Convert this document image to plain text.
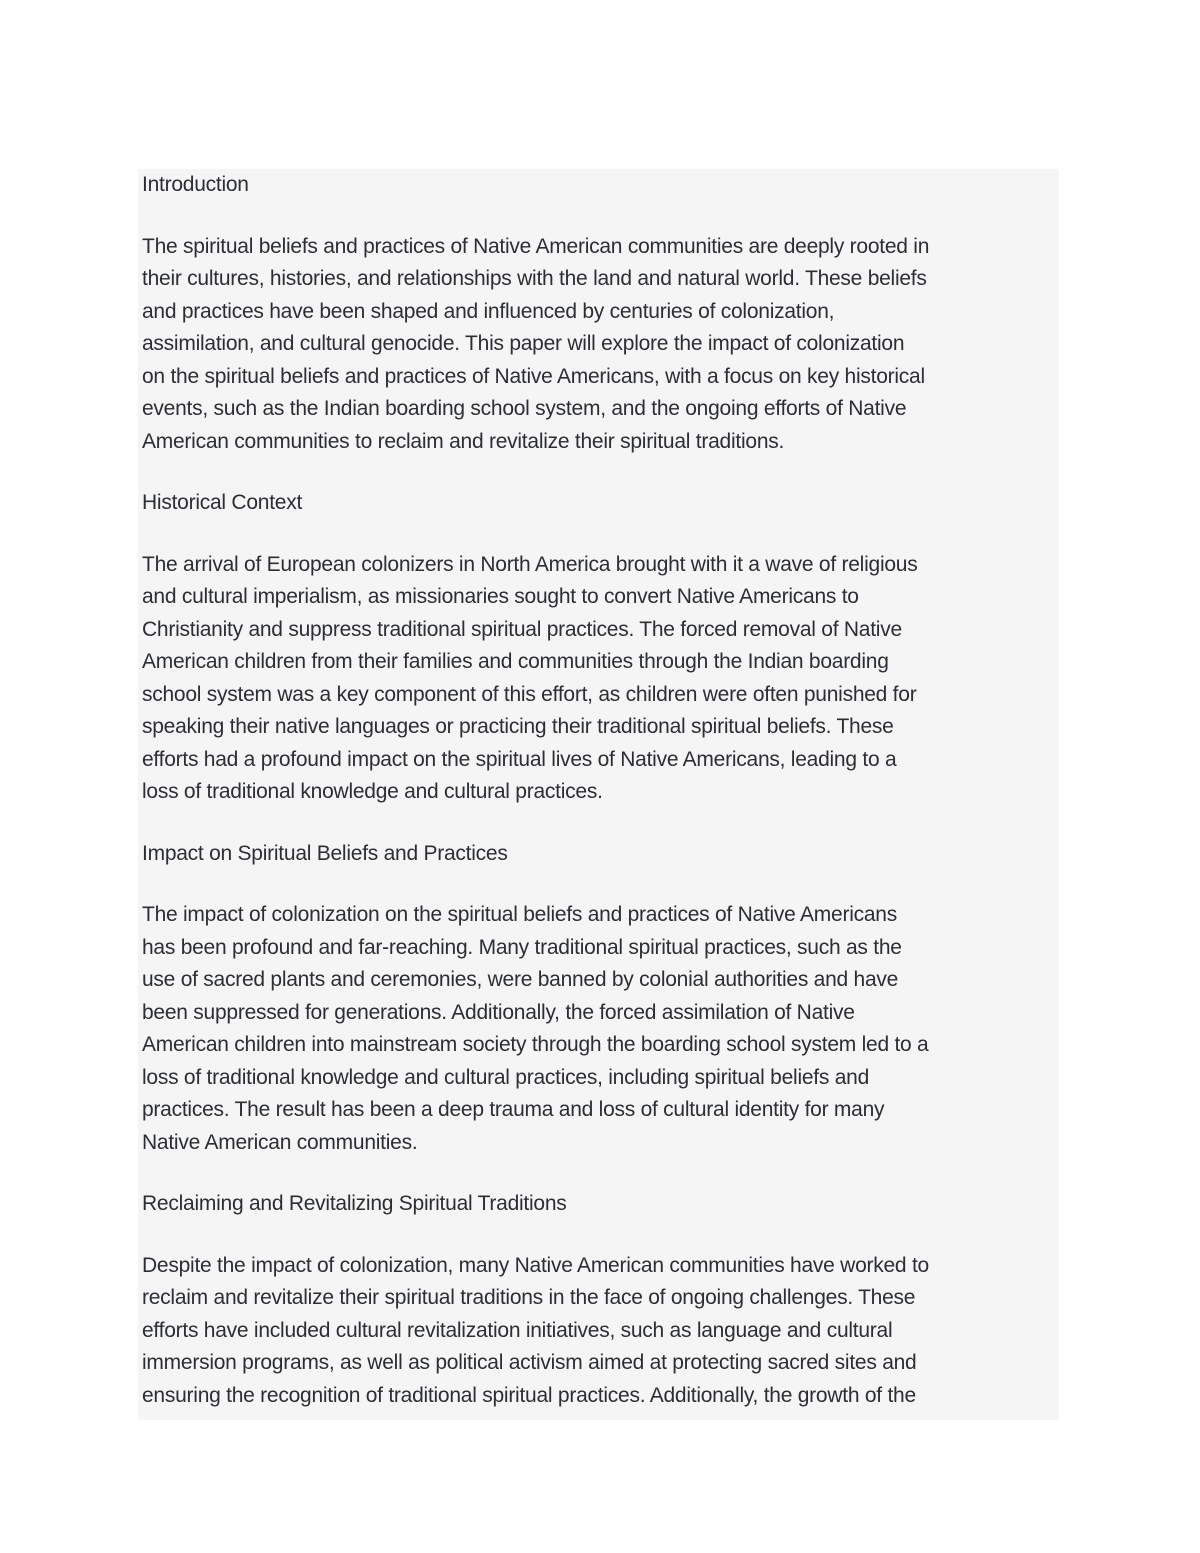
Introduction
The spiritual beliefs and practices of Native American communities are deeply rooted in
their cultures, histories, and relationships with the land and natural world. These beliefs
and practices have been shaped and influenced by centuries of colonization,
assimilation, and cultural genocide. This paper will explore the impact of colonization
on the spiritual beliefs and practices of Native Americans, with a focus on key historical
events, such as the Indian boarding school system, and the ongoing efforts of Native
American communities to reclaim and revitalize their spiritual traditions.
Historical Context
The arrival of European colonizers in North America brought with it a wave of religious
and cultural imperialism, as missionaries sought to convert Native Americans to
Christianity and suppress traditional spiritual practices. The forced removal of Native
American children from their families and communities through the Indian boarding
school system was a key component of this effort, as children were often punished for
speaking their native languages or practicing their traditional spiritual beliefs. These
efforts had a profound impact on the spiritual lives of Native Americans, leading to a
loss of traditional knowledge and cultural practices.
Impact on Spiritual Beliefs and Practices
The impact of colonization on the spiritual beliefs and practices of Native Americans
has been profound and far-reaching. Many traditional spiritual practices, such as the
use of sacred plants and ceremonies, were banned by colonial authorities and have
been suppressed for generations. Additionally, the forced assimilation of Native
American children into mainstream society through the boarding school system led to a
loss of traditional knowledge and cultural practices, including spiritual beliefs and
practices. The result has been a deep trauma and loss of cultural identity for many
Native American communities.
Reclaiming and Revitalizing Spiritual Traditions
Despite the impact of colonization, many Native American communities have worked to
reclaim and revitalize their spiritual traditions in the face of ongoing challenges. These
efforts have included cultural revitalization initiatives, such as language and cultural
immersion programs, as well as political activism aimed at protecting sacred sites and
ensuring the recognition of traditional spiritual practices. Additionally, the growth of the
